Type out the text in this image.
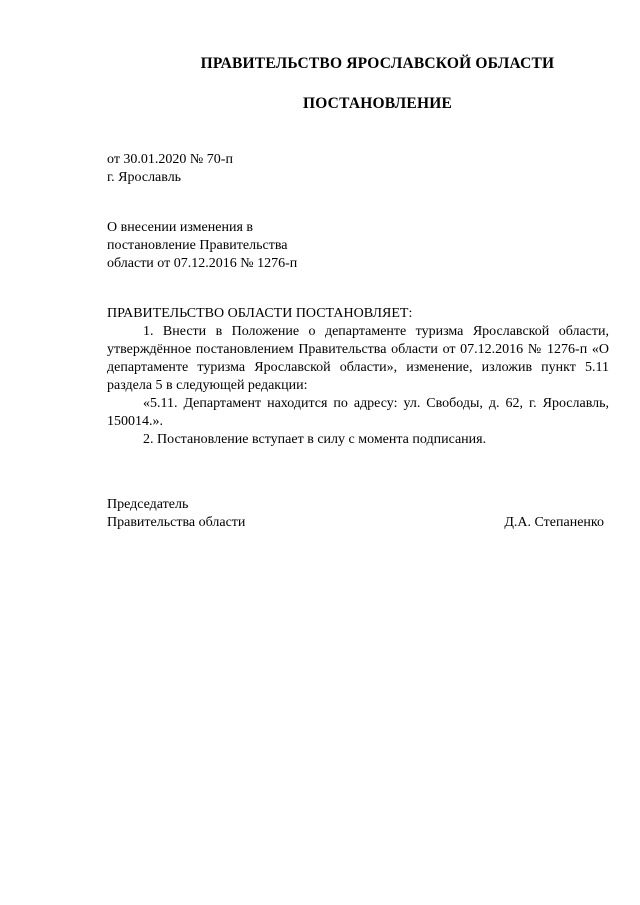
ПРАВИТЕЛЬСТВО ЯРОСЛАВСКОЙ ОБЛАСТИ
ПОСТАНОВЛЕНИЕ
от 30.01.2020 № 70-п
г. Ярославль
О внесении изменения в
постановление Правительства
области от 07.12.2016 № 1276-п

ПРАВИТЕЛЬСТВО ОБЛАСТИ ПОСТАНОВЛЯЕТ:

1. Внести в Положение о департаменте туризма Ярославской области, утверждённое постановлением Правительства области от 07.12.2016 № 1276-п «О департаменте туризма Ярославской области», изменение, изложив пункт 5.11 раздела 5 в следующей редакции:

«5.11. Департамент находится по адресу: ул. Свободы, д. 62, г. Ярославль, 150014.».

2. Постановление вступает в силу с момента подписания.

Председатель
Правительства области	Д.А. Степаненко
